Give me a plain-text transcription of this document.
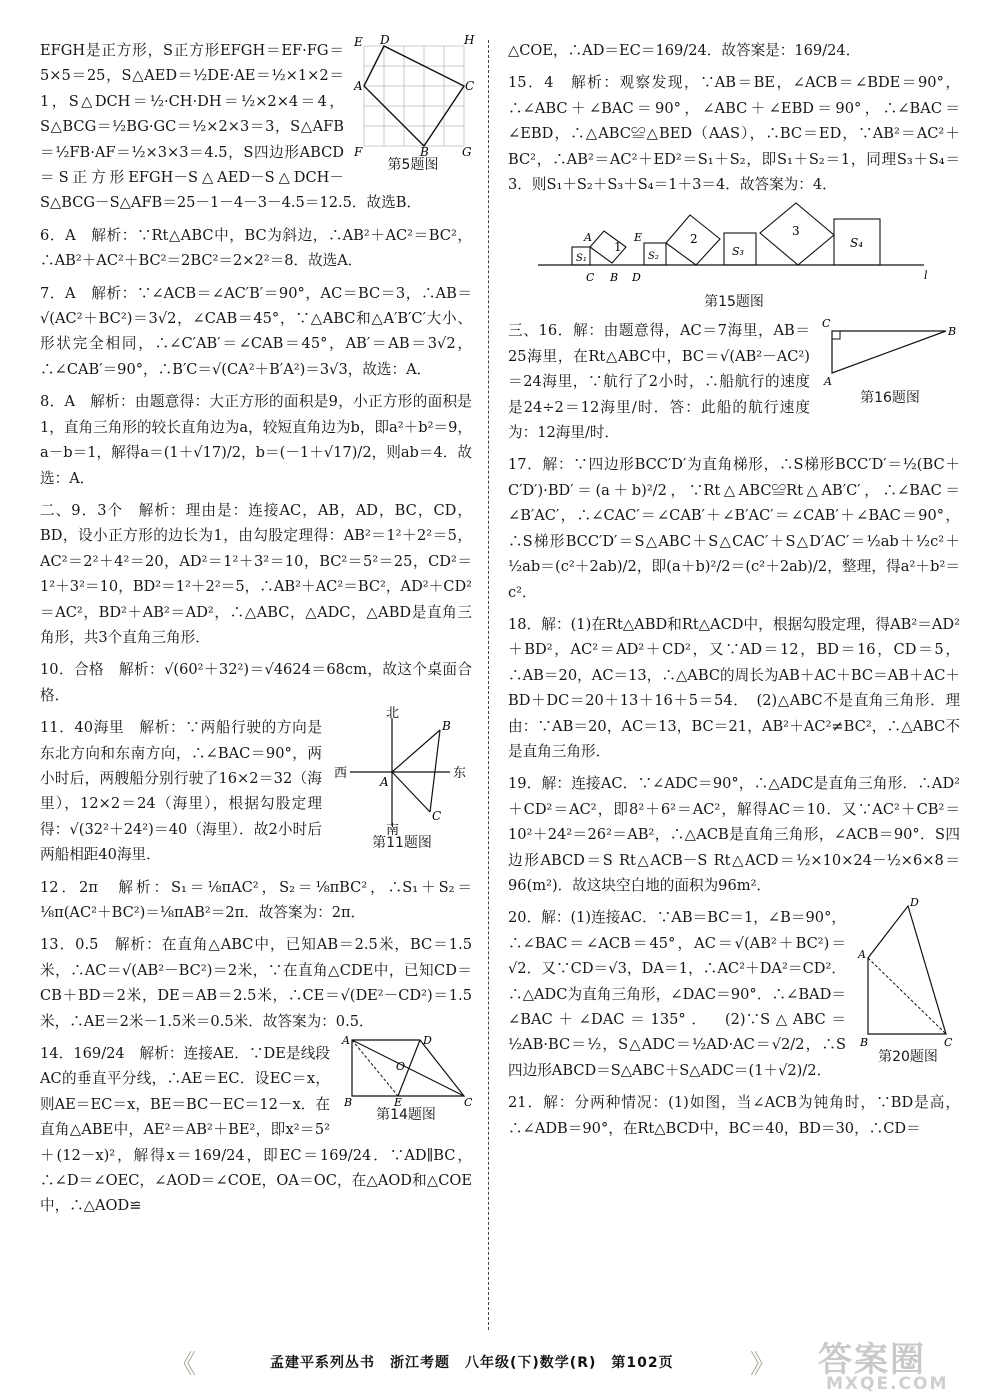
E D	H
A	C
F	B	G
第5题图

EFGH是正方形，S正方形EFGH＝EF·FG＝5×5＝25，S△AED＝½DE·AE＝½×1×2＝1，S△DCH＝½·CH·DH＝½×2×4＝4，S△BCG＝½BG·GC＝½×2×3＝3，S△AFB＝½FB·AF＝½×3×3＝4.5，S四边形ABCD＝S正方形EFGH－S△AED－S△DCH－S△BCG－S△AFB＝25－1－4－3－4.5＝12.5．故选B．

6．A　解析：∵Rt△ABC中，BC为斜边，∴AB²＋AC²＝BC²，∴AB²＋AC²＋BC²＝2BC²＝2×2²＝8．故选A．

7．A　解析：∵∠ACB＝∠AC′B′＝90°，AC＝BC＝3，∴AB＝√(AC²＋BC²)＝3√2，∠CAB＝45°，∵△ABC和△A′B′C′大小、形状完全相同，∴∠C′AB′＝∠CAB＝45°，AB′＝AB＝3√2，∴∠CAB′＝90°，∴B′C＝√(CA²＋B′A²)＝3√3，故选：A．

8．A　解析：由题意得：大正方形的面积是9，小正方形的面积是1，直角三角形的较长直角边为a，较短直角边为b，即a²＋b²＝9，a－b＝1，解得a＝(1＋√17)/2，b＝(－1＋√17)/2，则ab＝4．故选：A．

二、9．3个　解析：理由是：连接AC，AB，AD，BC，CD，BD，设小正方形的边长为1，由勾股定理得：AB²＝1²＋2²＝5，AC²＝2²＋4²＝20，AD²＝1²＋3²＝10，BC²＝5²＝25，CD²＝1²＋3²＝10，BD²＝1²＋2²＝5，∴AB²＋AC²＝BC²，AD²＋CD²＝AC²，BD²＋AB²＝AD²，∴△ABC，△ADC，△ABD是直角三角形，共3个直角三角形．

10．合格　解析：√(60²＋32²)＝√4624＝68cm，故这个桌面合格．

北
B
西
A
东
C
南
第11题图

11．40海里　解析：∵两船行驶的方向是东北方向和东南方向，∴∠BAC＝90°，两小时后，两艘船分别行驶了16×2＝32（海里），12×2＝24（海里），根据勾股定理得：√(32²＋24²)＝40（海里）．故2小时后两船相距40海里．

12．2π　解析：S₁＝⅛πAC²，S₂＝⅛πBC²，∴S₁＋S₂＝⅛π(AC²＋BC²)＝⅛πAB²＝2π．故答案为：2π．

13．0.5　解析：在直角△ABC中，已知AB＝2.5米，BC＝1.5米，∴AC＝√(AB²－BC²)＝2米，∵在直角△CDE中，已知CD＝CB＋BD＝2米，DE＝AB＝2.5米，∴CE＝√(DE²－CD²)＝1.5米，∴AE＝2米－1.5米＝0.5米．故答案为：0.5．

A	D
O
B	E	C
第14题图

14．169/24　解析：连接AE．∵DE是线段AC的垂直平分线，∴AE＝EC．设EC＝x，则AE＝EC＝x，BE＝BC－EC＝12－x．在直角△ABE中，AE²＝AB²＋BE²，即x²＝5²＋(12－x)²，解得x＝169/24，即EC＝169/24．∵AD∥BC，∴∠D＝∠OEC，∠AOD＝∠COE，OA＝OC，在△AOD和△COE中，∴△AOD≌

△COE，∴AD＝EC＝169/24．故答案是：169/24．

15．4　解析：观察发现，∵AB＝BE，∠ACB＝∠BDE＝90°，∴∠ABC＋∠BAC＝90°，∠ABC＋∠EBD＝90°，∴∠BAC＝∠EBD，∴△ABC≌△BED（AAS），∴BC＝ED，∵AB²＝AC²＋BC²，∴AB²＝AC²＋ED²＝S₁＋S₂，即S₁＋S₂＝1，同理S₃＋S₄＝3．则S₁＋S₂＋S₃＋S₄＝1＋3＝4．故答案为：4．

A
1
E	2
3
S₁	S₂	S₃
S₄
C B D	l
第15题图
C
B
A
第16题图

三、16．解：由题意得，AC＝7海里，AB＝25海里，在Rt△ABC中，BC＝√(AB²－AC²)＝24海里，∵航行了2小时，∴船航行的速度是24÷2＝12海里/时．答：此船的航行速度为：12海里/时．

17．解：∵四边形BCC′D′为直角梯形，∴S梯形BCC′D′＝½(BC＋C′D′)·BD′＝(a＋b)²/2，∵Rt△ABC≌Rt△AB′C′，∴∠BAC＝∠B′AC′，∴∠CAC′＝∠CAB′＋∠B′AC′＝∠CAB′＋∠BAC＝90°，∴S梯形BCC′D′＝S△ABC＋S△CAC′＋S△D′AC′＝½ab＋½c²＋½ab＝(c²＋2ab)/2，即(a＋b)²/2＝(c²＋2ab)/2，整理，得a²＋b²＝c²．

18．解：(1)在Rt△ABD和Rt△ACD中，根据勾股定理，得AB²＝AD²＋BD²，AC²＝AD²＋CD²，又∵AD＝12，BD＝16，CD＝5，∴AB＝20，AC＝13，∴△ABC的周长为AB＋AC＋BC＝AB＋AC＋BD＋DC＝20＋13＋16＋5＝54．　(2)△ABC不是直角三角形．理由：∵AB＝20，AC＝13，BC＝21，AB²＋AC²≠BC²，∴△ABC不是直角三角形．

19．解：连接AC．∵∠ADC＝90°，∴△ADC是直角三角形．∴AD²＋CD²＝AC²，即8²＋6²＝AC²，解得AC＝10．又∵AC²＋CB²＝10²＋24²＝26²＝AB²，∴△ACB是直角三角形，∠ACB＝90°．S四边形ABCD＝S Rt△ACB－S Rt△ACD＝½×10×24－½×6×8＝96(m²)．故这块空白地的面积为96m²．

D
A
B	C
第20题图

20．解：(1)连接AC．∵AB＝BC＝1，∠B＝90°，∴∠BAC＝∠ACB＝45°，AC＝√(AB²＋BC²)＝√2．又∵CD＝√3，DA＝1，∴AC²＋DA²＝CD²．∴△ADC为直角三角形，∠DAC＝90°．∴∠BAD＝∠BAC＋∠DAC＝135°．　(2)∵S△ABC＝½AB·BC＝½，S△ADC＝½AD·AC＝√2/2，∴S四边形ABCD＝S△ABC＋S△ADC＝(1＋√2)/2．

21．解：分两种情况：(1)如图，当∠ACB为钝角时，∵BD是高，∴∠ADB＝90°，在Rt△BCD中，BC＝40，BD＝30，∴CD＝

《	孟建平系列丛书　浙江考题　八年级(下)数学(R)　第102页	》 答案圈
MXQE.COM
